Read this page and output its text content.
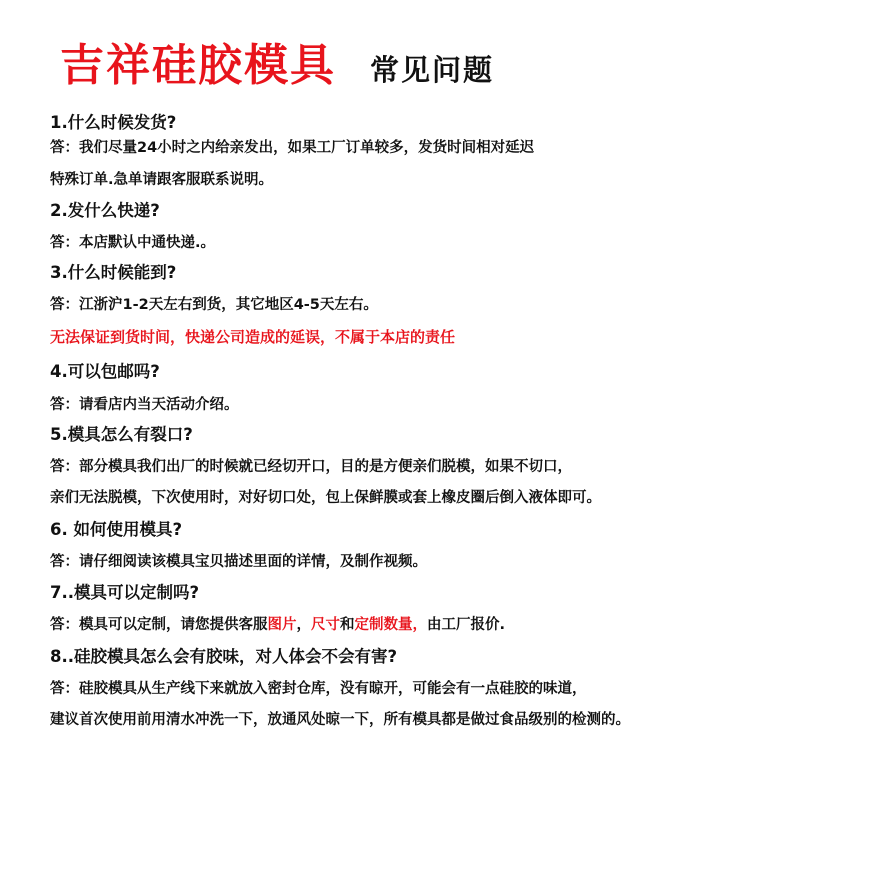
吉祥硅胶模具 常见问题
1.什么时候发货?
答：我们尽量24小时之内给亲发出，如果工厂订单较多，发货时间相对延迟
特殊订单.急单请跟客服联系说明。
2.发什么快递?
答：本店默认中通快递.。
3.什么时候能到?
答：江浙沪1-2天左右到货，其它地区4-5天左右。
无法保证到货时间，快递公司造成的延误，不属于本店的责任
4.可以包邮吗?
答：请看店内当天活动介绍。
5.模具怎么有裂口?
答：部分模具我们出厂的时候就已经切开口，目的是方便亲们脱模，如果不切口，
亲们无法脱模，下次使用时，对好切口处，包上保鲜膜或套上橡皮圈后倒入液体即可。
6. 如何使用模具?
答：请仔细阅读该模具宝贝描述里面的详情，及制作视频。
7..模具可以定制吗?
答：模具可以定制，请您提供客服图片，尺寸和定制数量，由工厂报价.
8..硅胶模具怎么会有胶味，对人体会不会有害?
答：硅胶模具从生产线下来就放入密封仓库，没有晾开，可能会有一点硅胶的味道，
建议首次使用前用清水冲洗一下，放通风处晾一下，所有模具都是做过食品级别的检测的。
